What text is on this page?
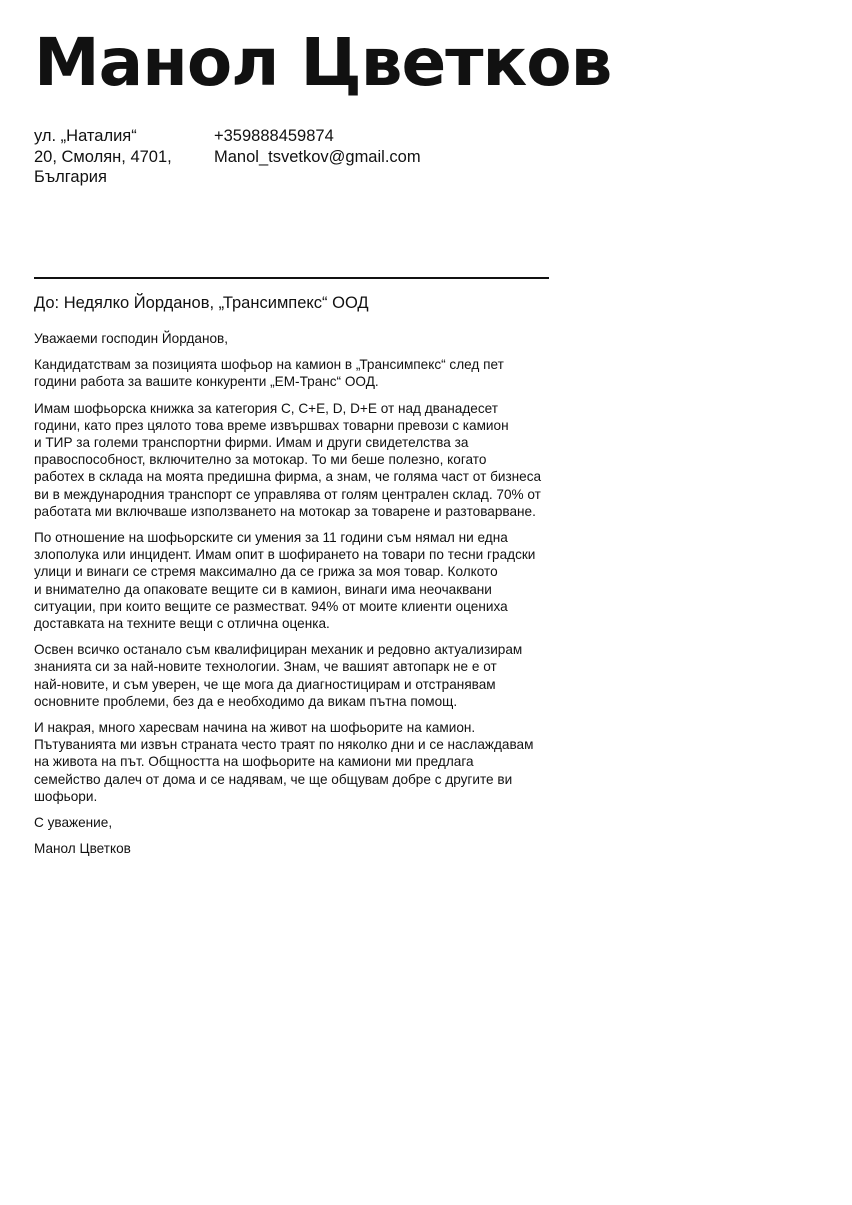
Манол Цветков
ул. „Наталия“
20, Смолян, 4701,
България
+359888459874
Manol_tsvetkov@gmail.com
До: Недялко Йорданов, „Трансимпекс“ ООД

Уважаеми господин Йорданов,

Кандидатствам за позицията шофьор на камион в „Трансимпекс“ след пет
години работа за вашите конкуренти „ЕМ-Транс“ ООД.

Имам шофьорска книжка за категория C, C+E, D, D+E от над дванадесет
години, като през цялото това време извършвах товарни превози с камион
и ТИР за големи транспортни фирми. Имам и други свидетелства за
правоспособност, включително за мотокар. То ми беше полезно, когато
работех в склада на моята предишна фирма, а знам, че голяма част от бизнеса
ви в международния транспорт се управлява от голям централен склад. 70% от
работата ми включваше използването на мотокар за товарене и разтоварване.

По отношение на шофьорските си умения за 11 години съм нямал ни една
злополука или инцидент. Имам опит в шофирането на товари по тесни градски
улици и винаги се стремя максимално да се грижа за моя товар. Колкото
и внимателно да опаковате вещите си в камион, винаги има неочаквани
ситуации, при които вещите се разместват. 94% от моите клиенти оцениха
доставката на техните вещи с отлична оценка.

Освен всичко останало съм квалифициран механик и редовно актуализирам
знанията си за най-новите технологии. Знам, че вашият автопарк не е от
най-новите, и съм уверен, че ще мога да диагностицирам и отстранявам
основните проблеми, без да е необходимо да викам пътна помощ.

И накрая, много харесвам начина на живот на шофьорите на камион.
Пътуванията ми извън страната често траят по няколко дни и се наслаждавам
на живота на път. Общността на шофьорите на камиони ми предлага
семейство далеч от дома и се надявам, че ще общувам добре с другите ви
шофьори.

С уважение,

Манол Цветков
